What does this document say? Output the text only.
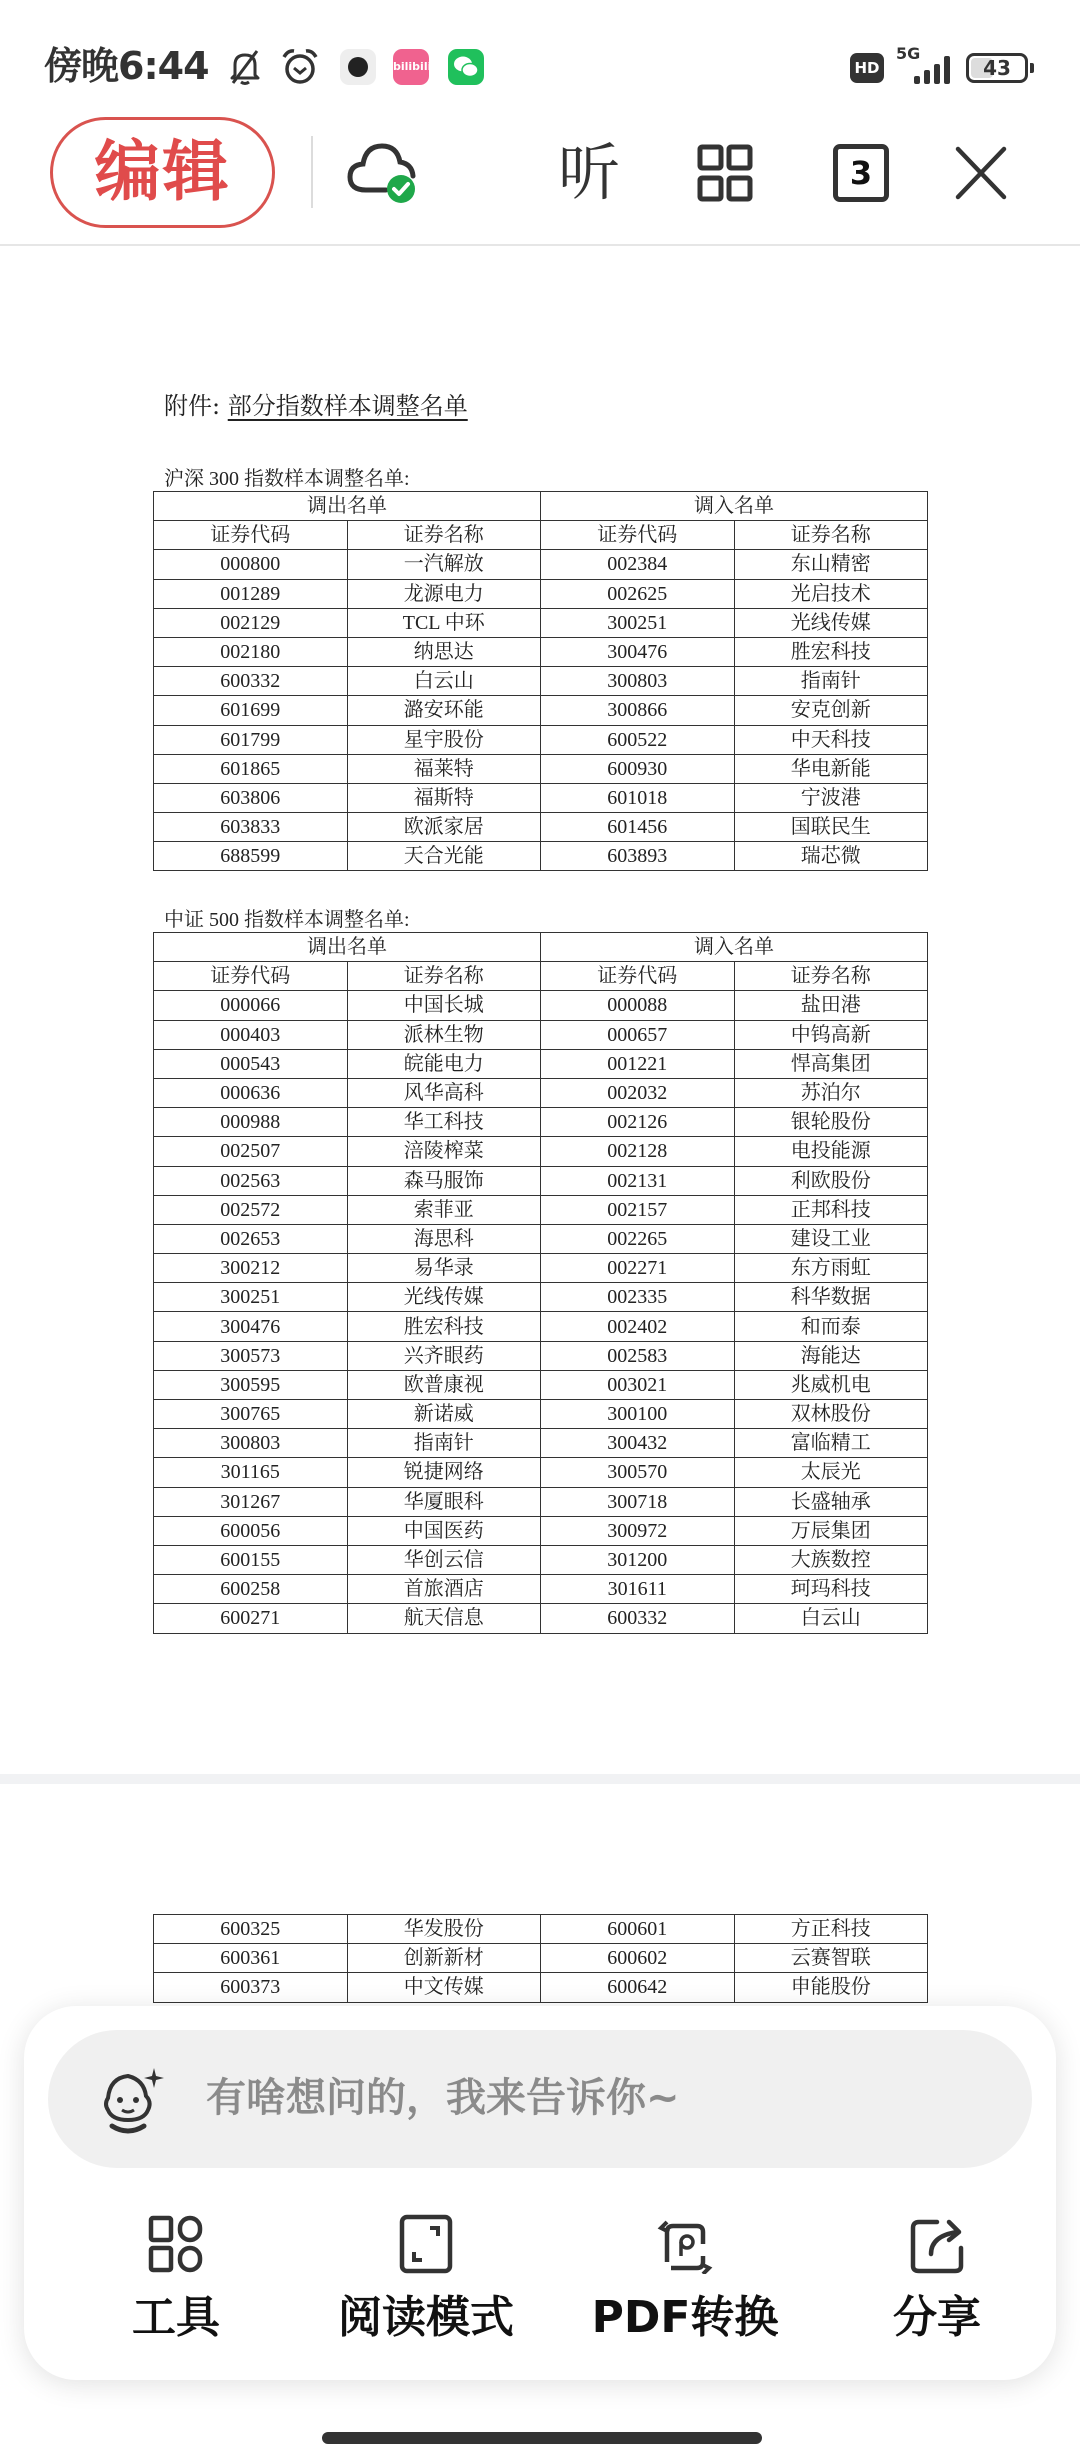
傍晚6:44	bilibili	HD
5G
43
编辑	听	3
附件: 部分指数样本调整名单
沪深 300 指数样本调整名单:
调出名单		调入名单	
证券代码	证券名称	证券代码	证券名称
000800	一汽解放	002384	东山精密
001289	龙源电力	002625	光启技术
002129	TCL 中环	300251	光线传媒
002180	纳思达	300476	胜宏科技
600332	白云山	300803	指南针
601699	潞安环能	300866	安克创新
601799	星宇股份	600522	中天科技
601865	福莱特	600930	华电新能
603806	福斯特	601018	宁波港
603833	欧派家居	601456	国联民生
688599	天合光能	603893	瑞芯微
中证 500 指数样本调整名单:
调出名单		调入名单	
证券代码	证券名称	证券代码	证券名称
000066	中国长城	000088	盐田港
000403	派林生物	000657	中钨高新
000543	皖能电力	001221	悍高集团
000636	风华高科	002032	苏泊尔
000988	华工科技	002126	银轮股份
002507	涪陵榨菜	002128	电投能源
002563	森马服饰	002131	利欧股份
002572	索菲亚	002157	正邦科技
002653	海思科	002265	建设工业
300212	易华录	002271	东方雨虹
300251	光线传媒	002335	科华数据
300476	胜宏科技	002402	和而泰
300573	兴齐眼药	002583	海能达
300595	欧普康视	003021	兆威机电
300765	新诺威	300100	双林股份
300803	指南针	300432	富临精工
301165	锐捷网络	300570	太辰光
301267	华厦眼科	300718	长盛轴承
600056	中国医药	300972	万辰集团
600155	华创云信	301200	大族数控
600258	首旅酒店	301611	珂玛科技
600271	航天信息	600332	白云山
600325	华发股份	600601	方正科技
600361	创新新材	600602	云赛智联
600373	中文传媒	600642	申能股份
有啥想问的，我来告诉你~
工具	阅读模式	PDF转换	分享
